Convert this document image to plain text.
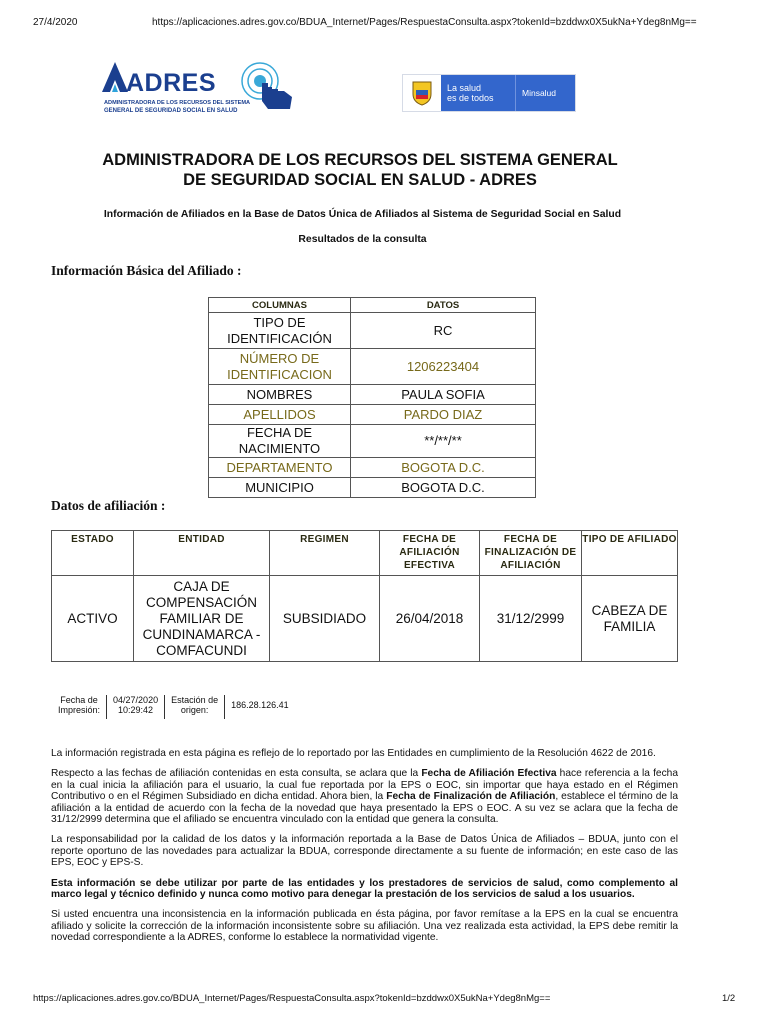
27/4/2020	https://aplicaciones.adres.gov.co/BDUA_Internet/Pages/RespuestaConsulta.aspx?tokenId=bzddwx0X5ukNa+Ydeg8nMg==
ADRES
ADMINISTRADORA DE LOS RECURSOS DEL SISTEMA
GENERAL DE SEGURIDAD SOCIAL EN SALUD
La salud
es de todos	Minsalud
ADMINISTRADORA DE LOS RECURSOS DEL SISTEMA GENERAL
DE SEGURIDAD SOCIAL EN SALUD - ADRES
Información de Afiliados en la Base de Datos Única de Afiliados al Sistema de Seguridad Social en Salud
Resultados de la consulta
Información Básica del Afiliado :
COLUMNAS	DATOS
TIPO DE IDENTIFICACIÓN	RC
NÚMERO DE IDENTIFICACION	1206223404
NOMBRES	PAULA SOFIA
APELLIDOS	PARDO DIAZ
FECHA DE NACIMIENTO	**/**/**
DEPARTAMENTO	BOGOTA D.C.
MUNICIPIO	BOGOTA D.C.
Datos de afiliación :
ESTADO	ENTIDAD	REGIMEN	FECHA DE AFILIACIÓN EFECTIVA	FECHA DE FINALIZACIÓN DE AFILIACIÓN	TIPO DE AFILIADO
ACTIVO	CAJA DE COMPENSACIÓN FAMILIAR DE CUNDINAMARCA - COMFACUNDI	SUBSIDIADO	26/04/2018	31/12/2999	CABEZA DE FAMILIA
Fecha de
Impresión:
04/27/2020
10:29:42
Estación de
origen:	186.28.126.41

La información registrada en esta página es reflejo de lo reportado por las Entidades en cumplimiento de la Resolución 4622 de 2016.

Respecto a las fechas de afiliación contenidas en esta consulta, se aclara que la Fecha de Afiliación Efectiva hace referencia a la fecha en la cual inicia la afiliación para el usuario, la cual fue reportada por la EPS o EOC, sin importar que haya estado en el Régimen Contributivo o en el Régimen Subsidiado en dicha entidad. Ahora bien, la Fecha de Finalización de Afiliación, establece el término de la afiliación a la entidad de acuerdo con la fecha de la novedad que haya presentado la EPS o EOC. A su vez se aclara que la fecha de 31/12/2999 determina que el afiliado se encuentra vinculado con la entidad que genera la consulta.

La responsabilidad por la calidad de los datos y la información reportada a la Base de Datos Única de Afiliados – BDUA, junto con el reporte oportuno de las novedades para actualizar la BDUA, corresponde directamente a su fuente de información; en este caso de las EPS, EOC y EPS-S.

Esta información se debe utilizar por parte de las entidades y los prestadores de servicios de salud, como complemento al marco legal y técnico definido y nunca como motivo para denegar la prestación de los servicios de salud a los usuarios.

Si usted encuentra una inconsistencia en la información publicada en ésta página, por favor remítase a la EPS en la cual se encuentra afiliado y solicite la corrección de la información inconsistente sobre su afiliación. Una vez realizada esta actividad, la EPS debe remitir la novedad correspondiente a la ADRES, conforme lo establece la normatividad vigente.

https://aplicaciones.adres.gov.co/BDUA_Internet/Pages/RespuestaConsulta.aspx?tokenId=bzddwx0X5ukNa+Ydeg8nMg==	1/2
